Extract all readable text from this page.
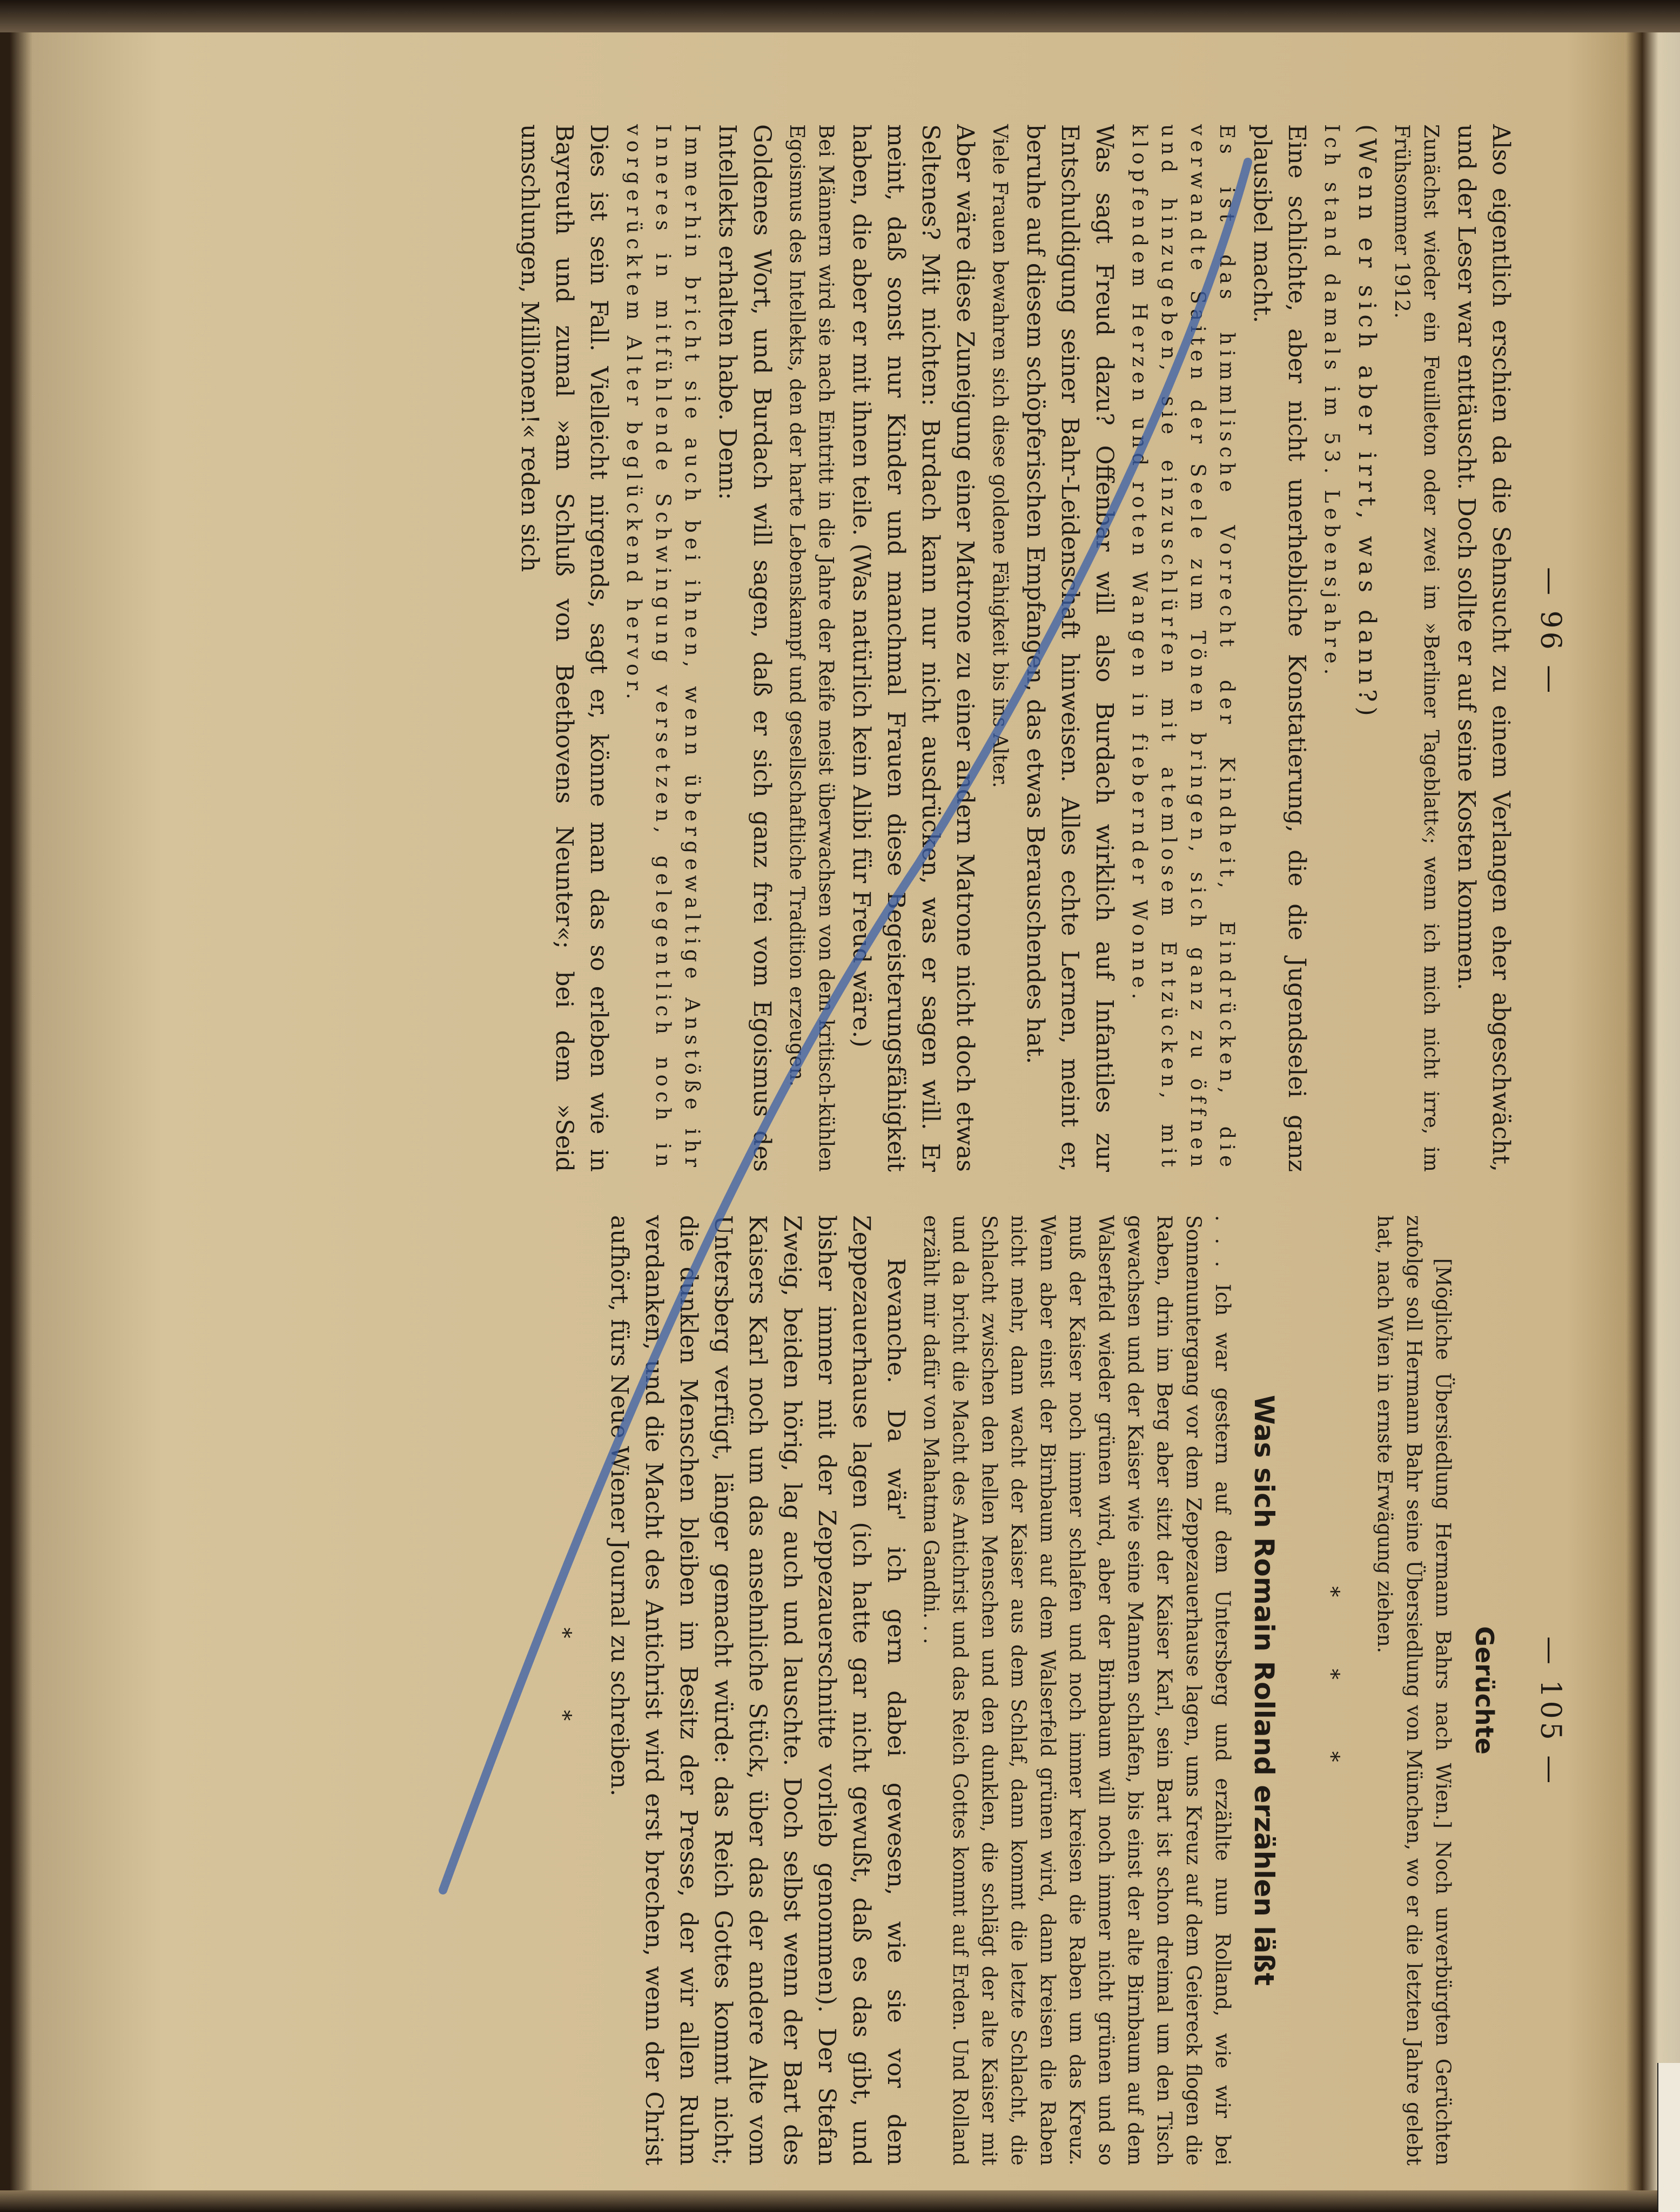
— 96 —

Also eigentlich erschien da die Sehnsucht zu einem Verlangen eher abgeschwächt, und der Leser war enttäuscht. Doch sollte er auf seine Kosten kommen.

Zunächst wieder ein Feuilleton oder zwei im »Berliner Tageblatt«; wenn ich mich nicht irre, im Frühsommer 1912.

(Wenn er sich aber irrt, was dann?)

Ich stand damals im 53. Lebensjahre.

Eine schlichte, aber nicht unerhebliche Konstatierung, die die Jugendselei ganz plausibel macht.

Es ist das himmlische Vorrecht der Kindheit, Eindrücken, die verwandte Saiten der Seele zum Tönen bringen, sich ganz zu öffnen und hinzugeben, sie einzuschlürfen mit atemlosem Entzücken, mit klopfendem Herzen und roten Wangen in fiebernder Wonne.

Was sagt Freud dazu? Offenbar will also Burdach wirklich auf Infantiles zur Entschuldigung seiner Bahr-Leidenschaft hinweisen. Alles echte Lernen, meint er, beruhe auf diesem schöpferischen Empfangen, das etwas Berauschendes hat.

Viele Frauen bewahren sich diese goldene Fähigkeit bis ins Alter.

Aber wäre diese Zuneigung einer Matrone zu einer andern Matrone nicht doch etwas Seltenes? Mit nichten: Burdach kann nur nicht ausdrücken, was er sagen will. Er meint, daß sonst nur Kinder und manchmal Frauen diese Begeisterungsfähigkeit haben, die aber er mit ihnen teile. (Was natürlich kein Alibi für Freud wäre.)

Bei Männern wird sie nach Eintritt in die Jahre der Reife meist überwachsen von dem kritisch-kühlen Egoismus des Intellekts, den der harte Lebenskampf und gesellschaftliche Tradition erzeugen.

Goldenes Wort, und Burdach will sagen, daß er sich ganz frei vom Egoismus des Intellekts erhalten habe. Denn:

Immerhin bricht sie auch bei ihnen, wenn übergewaltige Anstöße ihr Inneres in mitfühlende Schwingung versetzen, gelegentlich noch in vorgerücktem Alter beglückend hervor.

Dies ist sein Fall. Vielleicht nirgends, sagt er, könne man das so erleben wie in Bayreuth und zumal »am Schluß von Beethovens Neunter«; bei dem »Seid umschlungen, Millionen!« reden sich

— 105 —
Gerüchte

[Mögliche Übersiedlung Hermann Bahrs nach Wien.] Noch unverbürgten Gerüchten zufolge soll Hermann Bahr seine Übersiedlung von München, wo er die letzten Jahre gelebt hat, nach Wien in ernste Erwägung ziehen.

* * *
Was sich Romain Rolland erzählen läßt

. . . Ich war gestern auf dem Untersberg und erzählte nun Rolland, wie wir bei Sonnenuntergang vor dem Zeppezauerhause lagen, ums Kreuz auf dem Geiereck flogen die Raben, drin im Berg aber sitzt der Kaiser Karl, sein Bart ist schon dreimal um den Tisch gewachsen und der Kaiser wie seine Mannen schlafen, bis einst der alte Birnbaum auf dem Walserfeld wieder grünen wird, aber der Birnbaum will noch immer nicht grünen und so muß der Kaiser noch immer schlafen und noch immer kreisen die Raben um das Kreuz. Wenn aber einst der Birnbaum auf dem Walserfeld grünen wird, dann kreisen die Raben nicht mehr, dann wacht der Kaiser aus dem Schlaf, dann kommt die letzte Schlacht, die Schlacht zwischen den hellen Menschen und den dunklen, die schlägt der alte Kaiser mit und da bricht die Macht des Antichrist und das Reich Gottes kommt auf Erden. Und Rolland erzählt mir dafür von Mahatma Gandhi. . .

Revanche. Da wär' ich gern dabei gewesen, wie sie vor dem Zeppezauerhause lagen (ich hatte gar nicht gewußt, daß es das gibt, und bisher immer mit der Zeppezauerschnitte vorlieb genommen). Der Stefan Zweig, beiden hörig, lag auch und lauschte. Doch selbst wenn der Bart des Kaisers Karl noch um das ansehnliche Stück, über das der andere Alte vom Untersberg verfügt, länger gemacht würde: das Reich Gottes kommt nicht; die dunklen Menschen bleiben im Besitz der Presse, der wir allen Ruhm verdanken, und die Macht des Antichrist wird erst brechen, wenn der Christ aufhört, fürs Neue Wiener Journal zu schreiben.

* *
